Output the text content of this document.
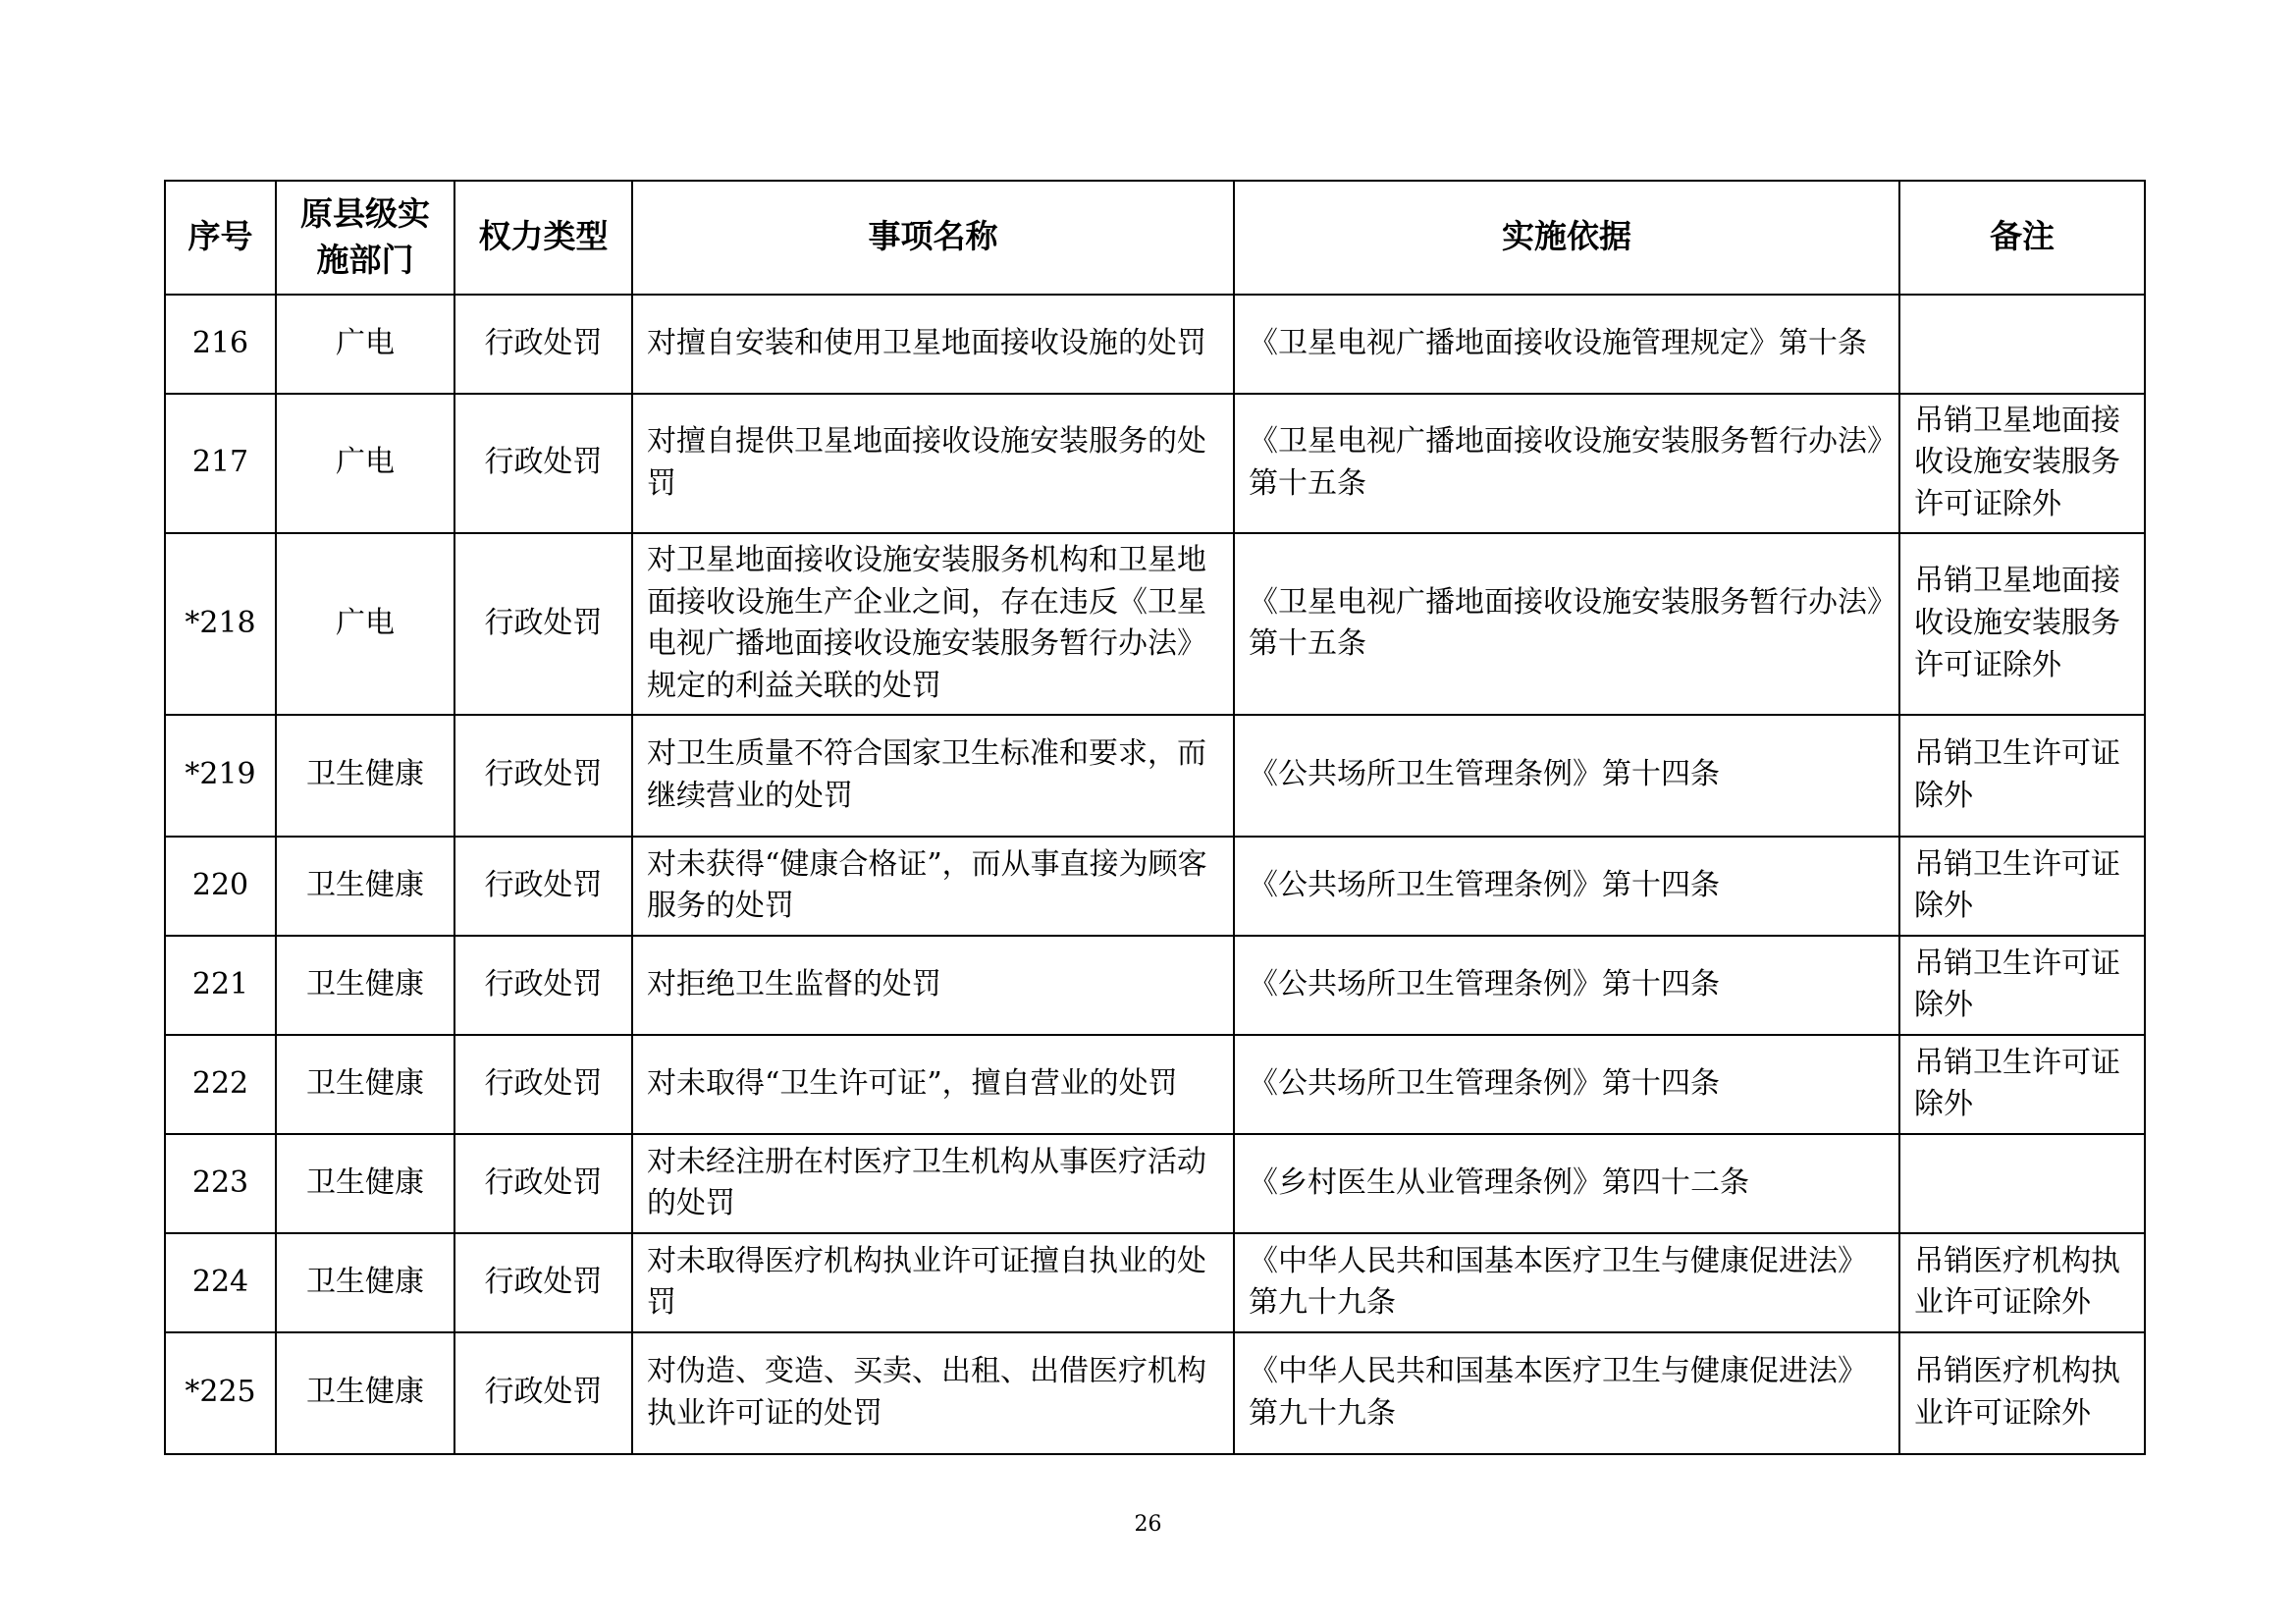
序号	原县级实施部门	权力类型	事项名称	实施依据	备注
216	广电	行政处罚	对擅自安装和使用卫星地面接收设施的处罚	《卫星电视广播地面接收设施管理规定》第十条	
217	广电	行政处罚	对擅自提供卫星地面接收设施安装服务的处罚	《卫星电视广播地面接收设施安装服务暂行办法》第十五条	吊销卫星地面接收设施安装服务许可证除外
*218	广电	行政处罚	对卫星地面接收设施安装服务机构和卫星地面接收设施生产企业之间，存在违反《卫星电视广播地面接收设施安装服务暂行办法》规定的利益关联的处罚	《卫星电视广播地面接收设施安装服务暂行办法》第十五条	吊销卫星地面接收设施安装服务许可证除外
*219	卫生健康	行政处罚	对卫生质量不符合国家卫生标准和要求，而继续营业的处罚	《公共场所卫生管理条例》第十四条	吊销卫生许可证除外
220	卫生健康	行政处罚	对未获得“健康合格证”，而从事直接为顾客服务的处罚	《公共场所卫生管理条例》第十四条	吊销卫生许可证除外
221	卫生健康	行政处罚	对拒绝卫生监督的处罚	《公共场所卫生管理条例》第十四条	吊销卫生许可证除外
222	卫生健康	行政处罚	对未取得“卫生许可证”，擅自营业的处罚	《公共场所卫生管理条例》第十四条	吊销卫生许可证除外
223	卫生健康	行政处罚	对未经注册在村医疗卫生机构从事医疗活动的处罚	《乡村医生从业管理条例》第四十二条	
224	卫生健康	行政处罚	对未取得医疗机构执业许可证擅自执业的处罚	《中华人民共和国基本医疗卫生与健康促进法》第九十九条	吊销医疗机构执业许可证除外
*225	卫生健康	行政处罚	对伪造、变造、买卖、出租、出借医疗机构执业许可证的处罚	《中华人民共和国基本医疗卫生与健康促进法》第九十九条	吊销医疗机构执业许可证除外
26
